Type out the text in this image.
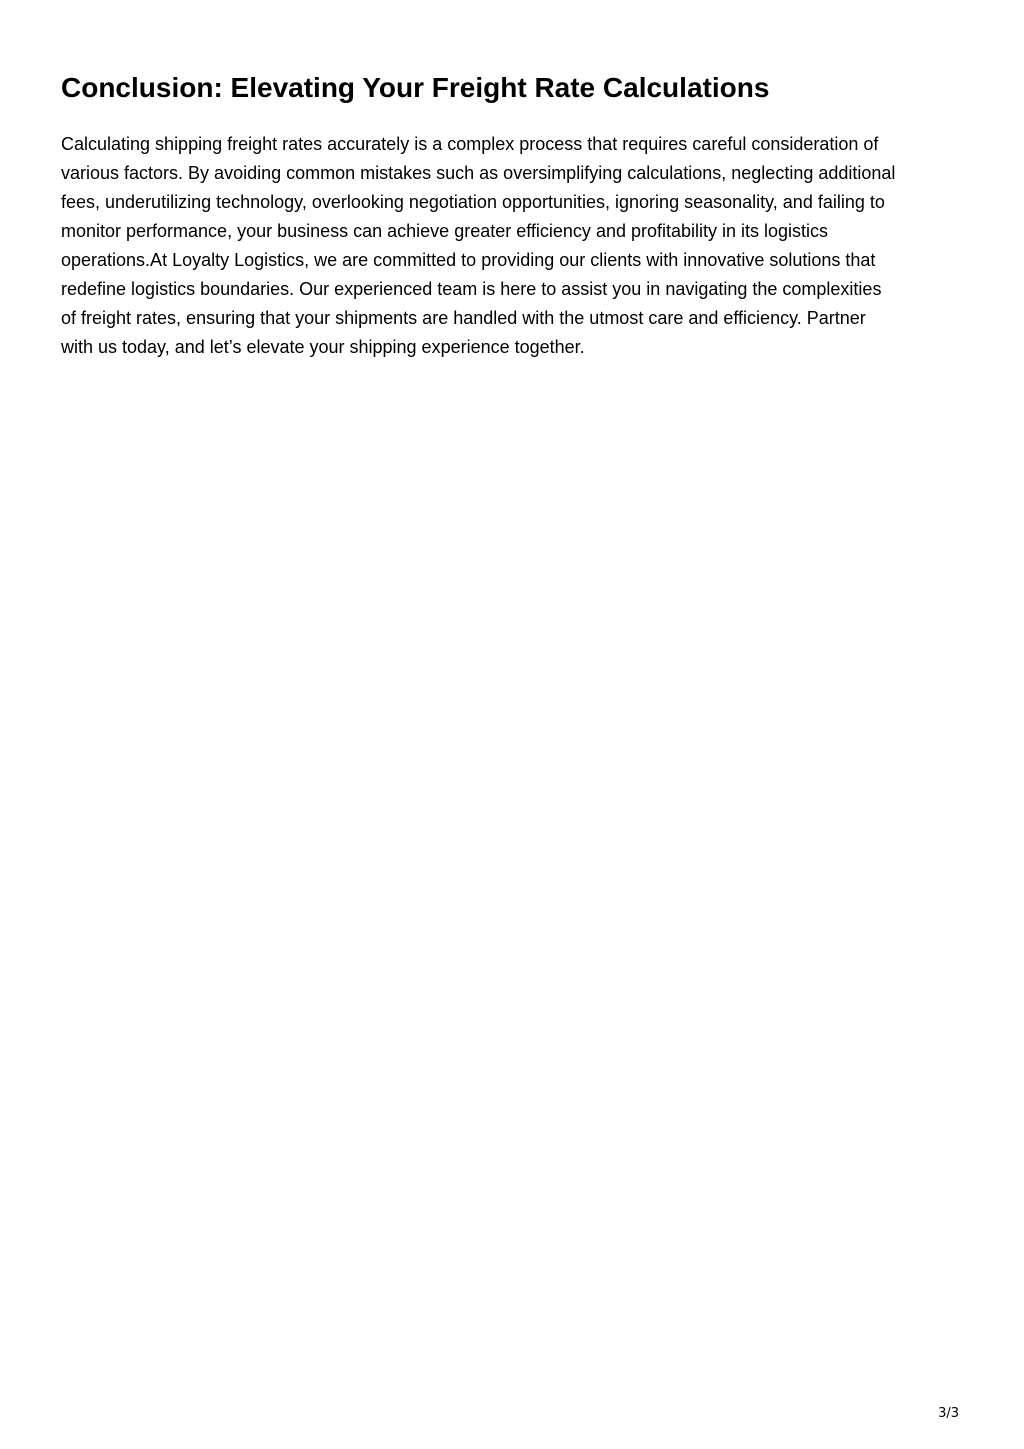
Conclusion: Elevating Your Freight Rate Calculations

Calculating shipping freight rates accurately is a complex process that requires careful consideration of
various factors. By avoiding common mistakes such as oversimplifying calculations, neglecting additional
fees, underutilizing technology, overlooking negotiation opportunities, ignoring seasonality, and failing to
monitor performance, your business can achieve greater efficiency and profitability in its logistics
operations.At Loyalty Logistics, we are committed to providing our clients with innovative solutions that
redefine logistics boundaries. Our experienced team is here to assist you in navigating the complexities
of freight rates, ensuring that your shipments are handled with the utmost care and efficiency. Partner
with us today, and let’s elevate your shipping experience together.

3/3
